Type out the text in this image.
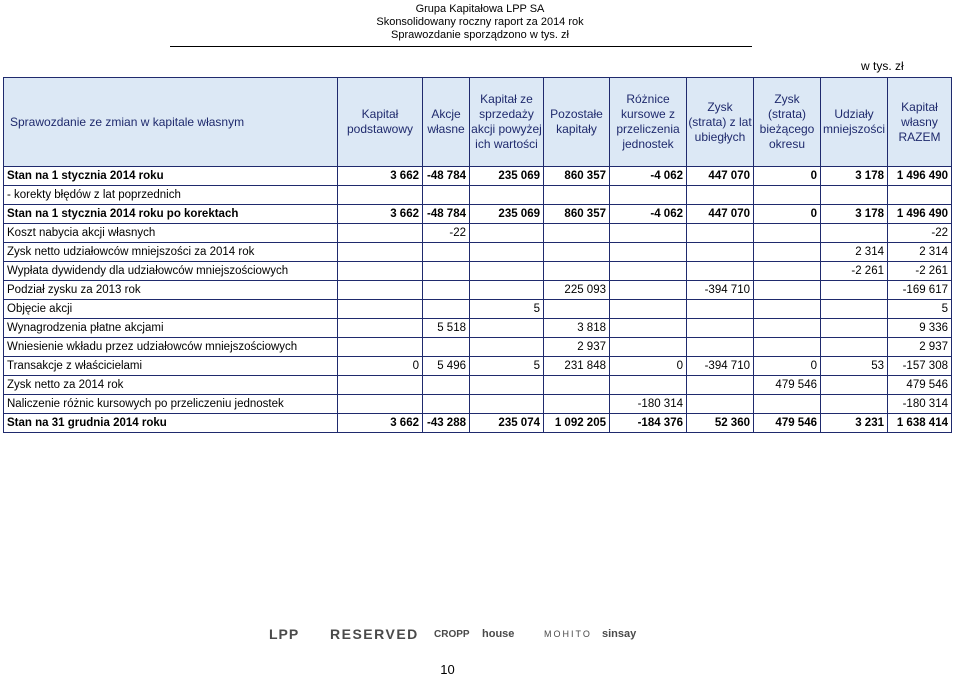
Grupa Kapitałowa LPP SA
Skonsolidowany roczny raport za 2014 rok
Sprawozdanie sporządzono w tys. zł
w tys. zł
Sprawozdanie ze zmian w kapitale własnym	Kapitał podstawowy	Akcje własne	Kapitał ze sprzedaży akcji powyżej ich wartości	Pozostałe kapitały	Różnice kursowe z przeliczenia jednostek	Zysk (strata) z lat ubiegłych	Zysk (strata) bieżącego okresu	Udziały mniejszości	Kapitał własny RAZEM
Stan na 1 stycznia 2014 roku	3 662	-48 784	235 069	860 357	-4 062	447 070	0	3 178	1 496 490
- korekty błędów z lat poprzednich									
Stan na 1 stycznia 2014 roku po korektach	3 662	-48 784	235 069	860 357	-4 062	447 070	0	3 178	1 496 490
Koszt nabycia akcji własnych		-22							-22
Zysk netto udziałowców mniejszości za 2014 rok								2 314	2 314
Wypłata dywidendy dla udziałowców mniejszościowych								-2 261	-2 261
Podział zysku za 2013 rok				225 093		-394 710			-169 617
Objęcie akcji			5						5
Wynagrodzenia płatne akcjami		5 518		3 818					9 336
Wniesienie wkładu przez udziałowców mniejszościowych				2 937					2 937
Transakcje z właścicielami	0	5 496	5	231 848	0	-394 710	0	53	-157 308
Zysk netto za 2014 rok							479 546		479 546
Naliczenie różnic kursowych po przeliczeniu jednostek					-180 314				-180 314
Stan na 31 grudnia 2014 roku	3 662	-43 288	235 074	1 092 205	-184 376	52 360	479 546	3 231	1 638 414
LPP RESERVED CROPP house	MOHITO sinsay
10
